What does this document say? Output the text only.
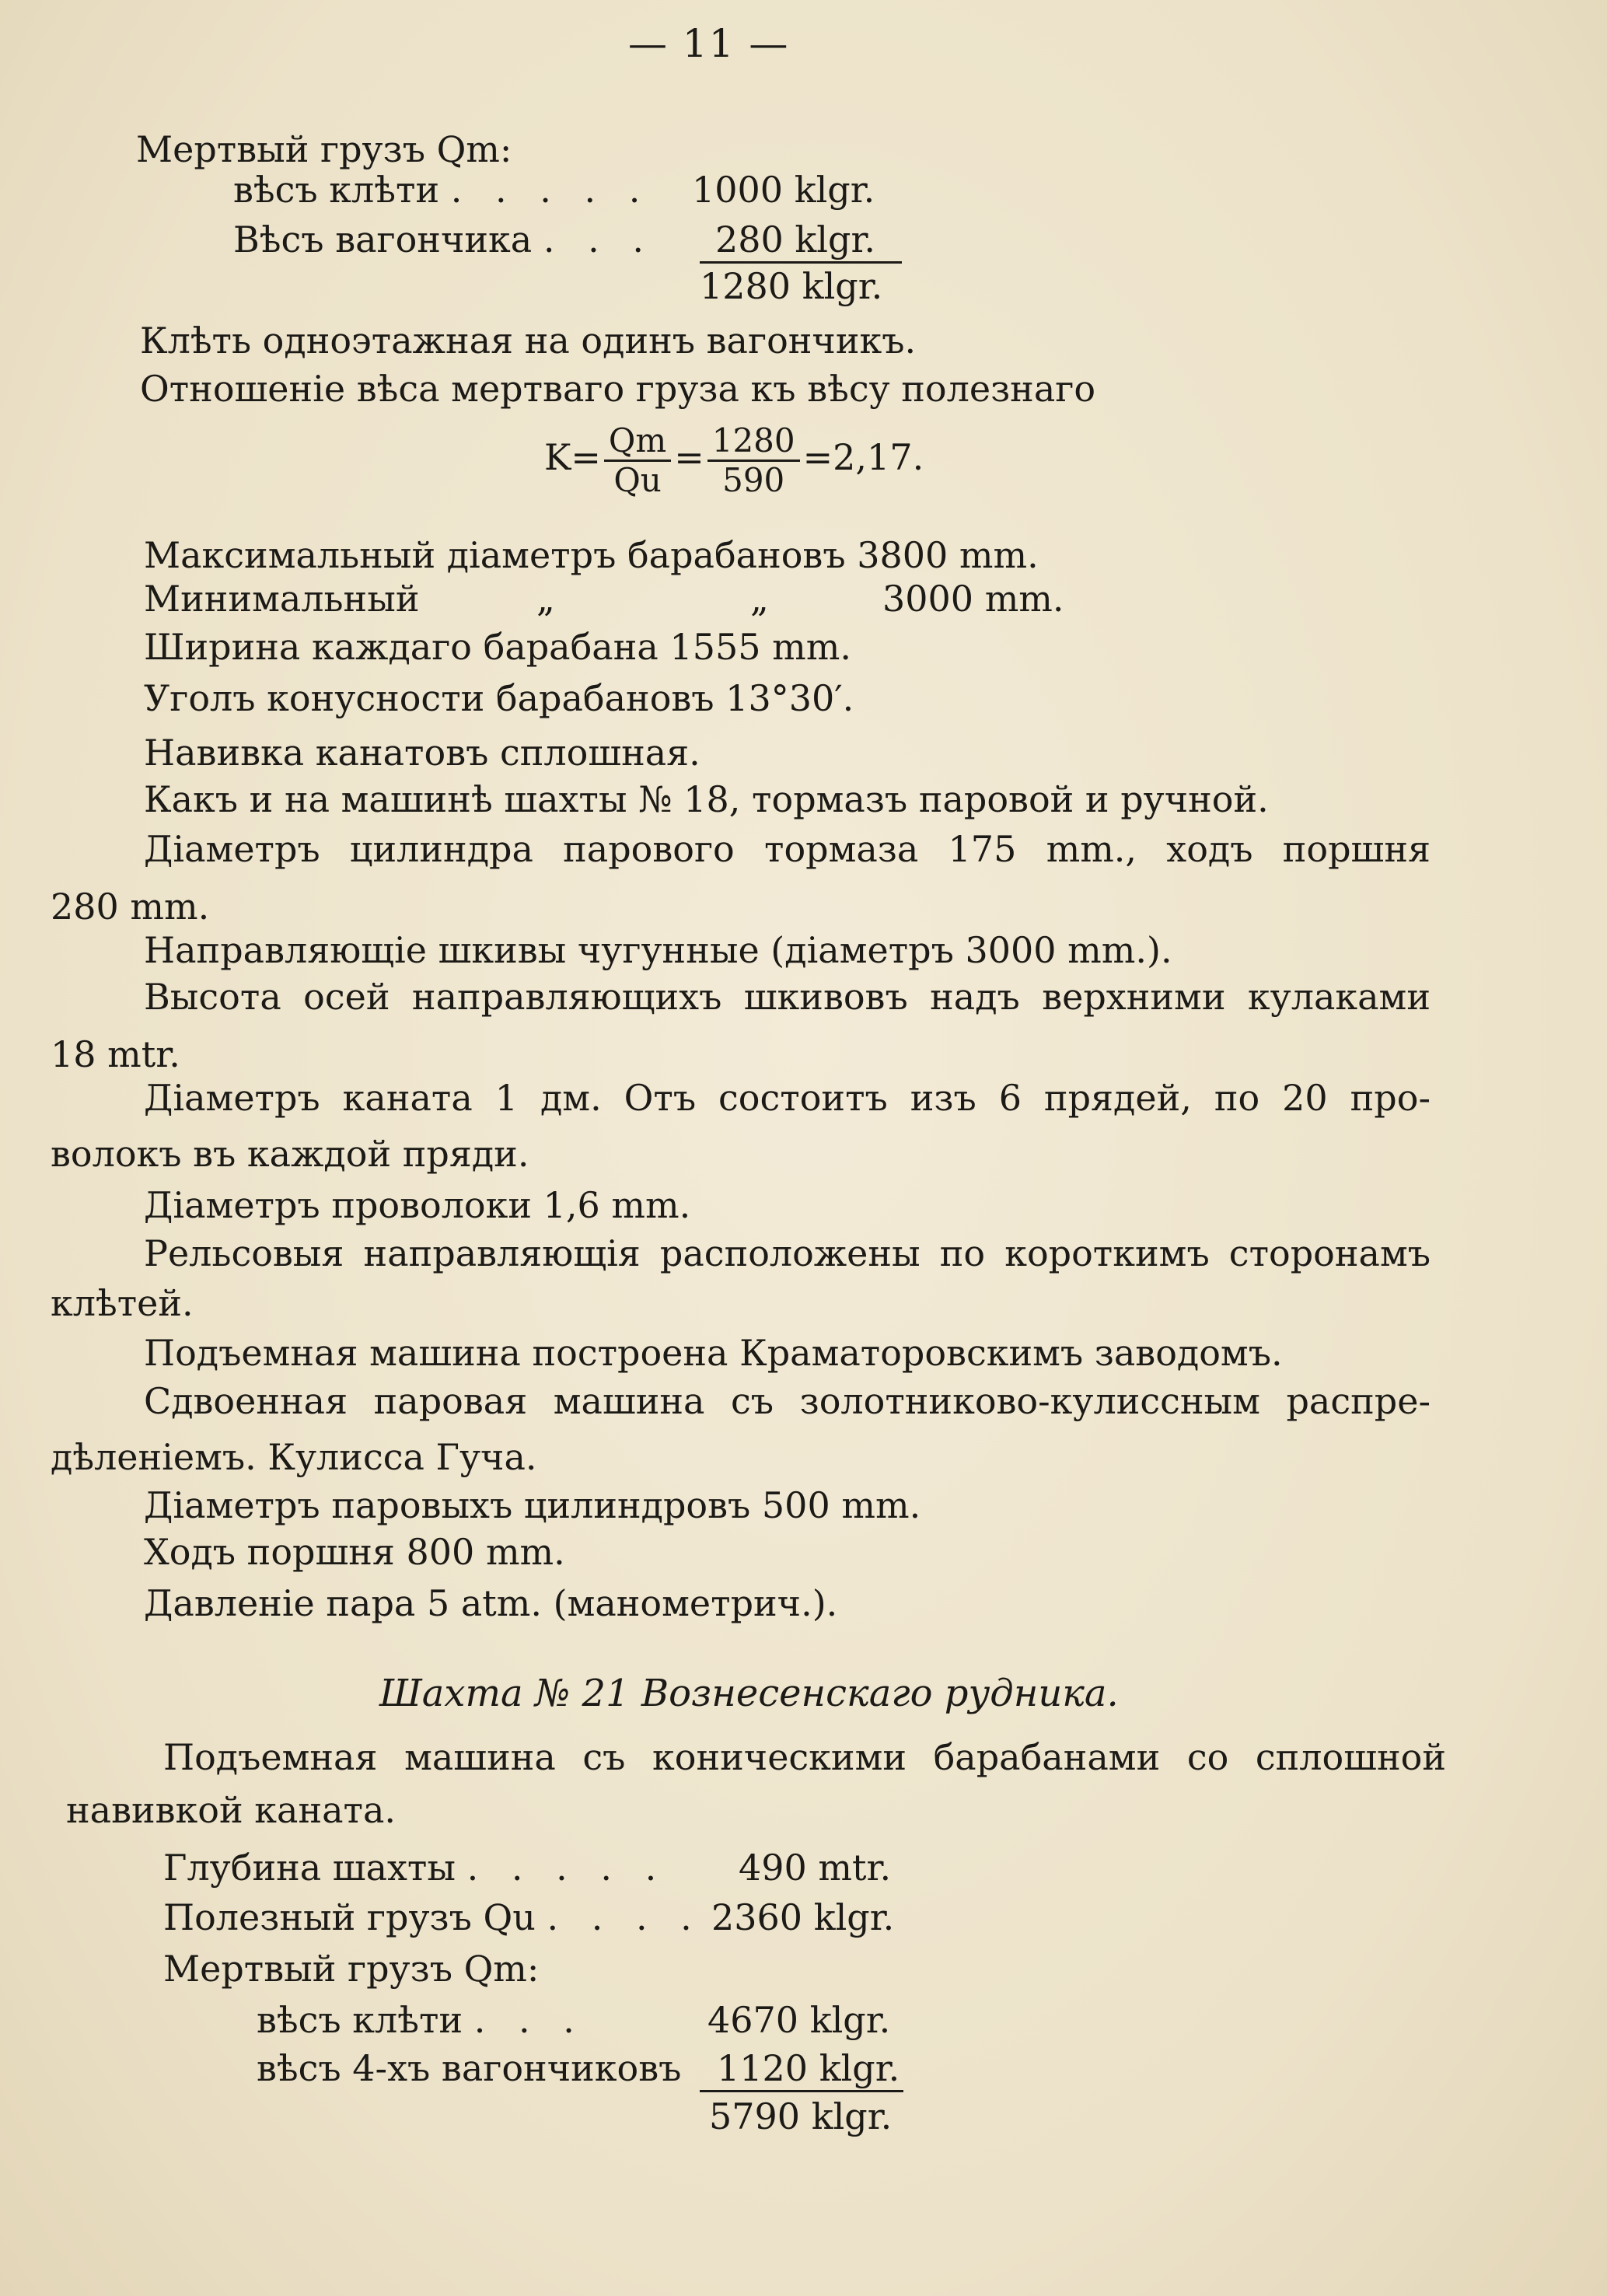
— 11 —
Мертвый грузъ Qm:
вѣсъ клѣти . . . . . 1000 klgr.
Вѣсъ вагончика . . . 280 klgr.
1280 klgr.
Клѣть одноэтажная на одинъ вагончикъ.
Отношеніе вѣса мертваго груза къ вѣсу полезнаго
$K= \frac{Qm}{Qu} = \frac{1280}{590} =2,17$.
Максимальный діаметръ барабановъ 3800 mm.
Минимальный	„	„	3000 mm.
Ширина каждаго барабана 1555 mm.
Уголъ конусности барабановъ 13°30′.
Навивка канатовъ сплошная.
Какъ и на машинѣ шахты № 18, тормазъ паровой и ручной.
Діаметръ цилиндра парового тормаза 175 mm., ходъ поршня
280 mm.
Направляющіе шкивы чугунные (діаметръ 3000 mm.).
Высота осей направляющихъ шкивовъ надъ верхними кулаками
18 mtr.
Діаметръ каната 1 дм. Отъ состоитъ изъ 6 прядей, по 20 про-
волокъ въ каждой пряди.
Діаметръ проволоки 1,6 mm.
Рельсовыя направляющія расположены по короткимъ сторонамъ
клѣтей.
Подъемная машина построена Краматоровскимъ заводомъ.
Сдвоенная паровая машина съ золотниково-кулиссным распре-
дѣленіемъ. Кулисса Гуча.
Діаметръ паровыхъ цилиндровъ 500 mm.
Ходъ поршня 800 mm.
Давленіе пара 5 atm. (манометрич.).
Шахта № 21 Вознесенскаго рудника.
Подъемная машина съ коническими барабанами со сплошной
навивкой каната.
Глубина шахты . . . . . 490 mtr.
Полезный грузъ Qu . . . . 2360 klgr.
Мертвый грузъ Qm:
вѣсъ клѣти . . .	4670 klgr.
вѣсъ 4-хъ вагончиковъ 1120 klgr.
5790 klgr.
